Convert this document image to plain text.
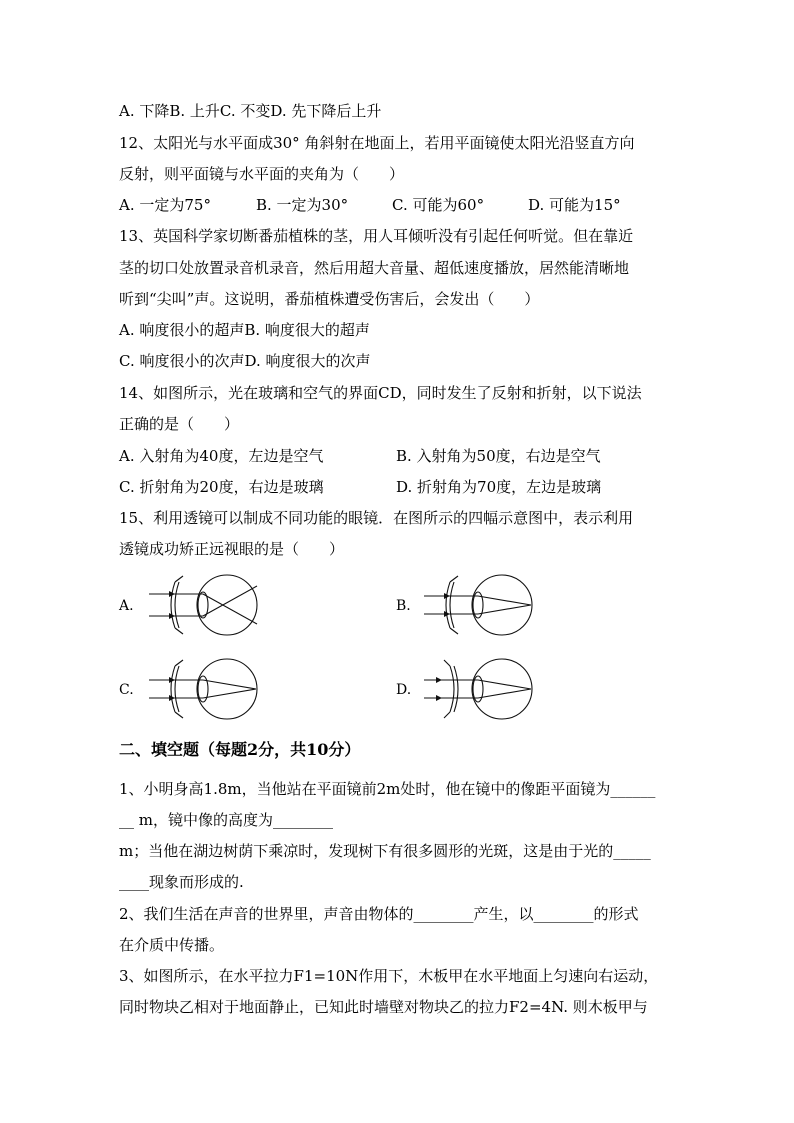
A. 下降B. 上升C. 不变D. 先下降后上升
12、太阳光与水平面成30° 角斜射在地面上，若用平面镜使太阳光沿竖直方向
反射，则平面镜与水平面的夹角为（　　）
A. 一定为75°	B. 一定为30°	C. 可能为60°	D. 可能为15°
13、英国科学家切断番茄植株的茎，用人耳倾听没有引起任何听觉。但在靠近
茎的切口处放置录音机录音，然后用超大音量、超低速度播放，居然能清晰地
听到“尖叫”声。这说明，番茄植株遭受伤害后，会发出（　　）
A. 响度很小的超声B. 响度很大的超声
C. 响度很小的次声D. 响度很大的次声
14、如图所示，光在玻璃和空气的界面CD，同时发生了反射和折射，以下说法
正确的是（　　）
A. 入射角为40度，左边是空气	B. 入射角为50度，右边是空气
C. 折射角为20度，右边是玻璃	D. 折射角为70度，左边是玻璃
15、利用透镜可以制成不同功能的眼镜．在图所示的四幅示意图中，表示利用
透镜成功矫正远视眼的是（　　）
A.	B.
C.	D.
二、填空题（每题2分，共10分）
1、小明身高1.8m，当他站在平面镜前2m处时，他在镜中的像距平面镜为______
__ m，镜中像的高度为________
m；当他在湖边树荫下乘凉时，发现树下有很多圆形的光斑，这是由于光的_____
____现象而形成的.
2、我们生活在声音的世界里，声音由物体的________产生，以________的形式
在介质中传播。
3、如图所示，在水平拉力F1=10N作用下，木板甲在水平地面上匀速向右运动，
同时物块乙相对于地面静止，已知此时墙壁对物块乙的拉力F2=4N. 则木板甲与
